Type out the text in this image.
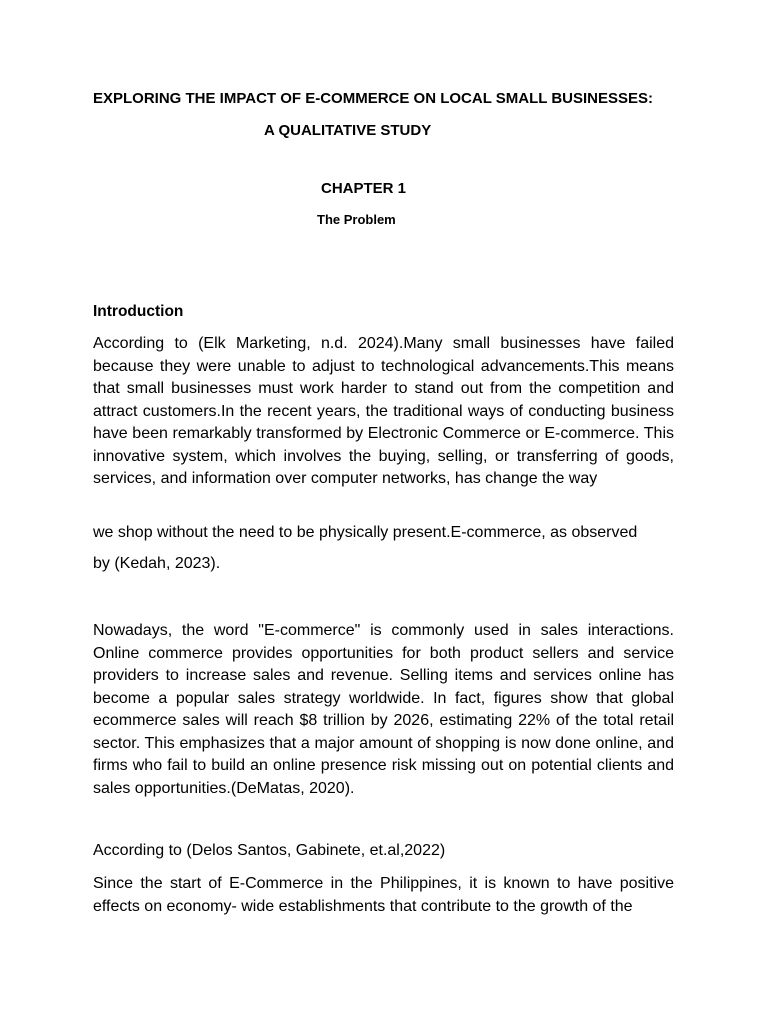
EXPLORING THE IMPACT OF E-COMMERCE ON LOCAL SMALL BUSINESSES:

A QUALITATIVE STUDY

CHAPTER 1

The Problem

Introduction

According to (Elk Marketing, n.d. 2024).Many small businesses have failed because they were unable to adjust to technological advancements.This means that small businesses must work harder to stand out from the competition and attract customers.In the recent years, the traditional ways of conducting business have been remarkably transformed by Electronic Commerce or E-commerce. This innovative system, which involves the buying, selling, or transferring of goods, services, and information over computer networks, has change the way

we shop without the need to be physically present.E-commerce, as observed

by (Kedah, 2023).

Nowadays, the word "E-commerce" is commonly used in sales interactions. Online commerce provides opportunities for both product sellers and service providers to increase sales and revenue. Selling items and services online has become a popular sales strategy worldwide. In fact, figures show that global ecommerce sales will reach $8 trillion by 2026, estimating 22% of the total retail sector. This emphasizes that a major amount of shopping is now done online, and firms who fail to build an online presence risk missing out on potential clients and sales opportunities.(DeMatas, 2020).

According to (Delos Santos, Gabinete, et.al,2022)

Since the start of E-Commerce in the Philippines, it is known to have positive effects on economy- wide establishments that contribute to the growth of the
